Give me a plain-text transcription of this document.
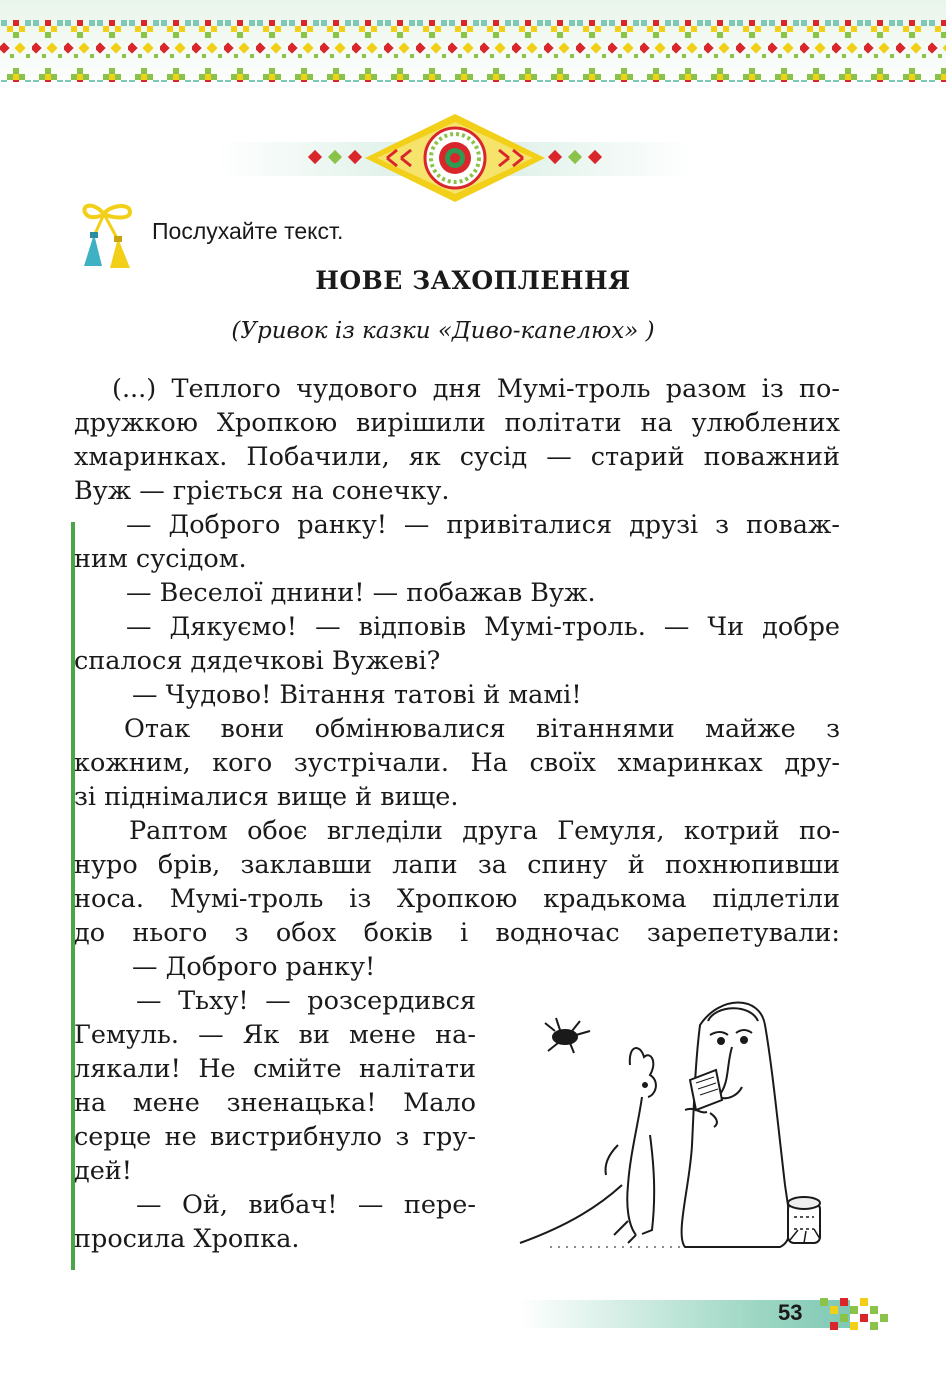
Послухайте текст.
НОВЕ ЗАХОПЛЕННЯ
(Уривок із казки «Диво-капелюх» )
(...) Теплого чудового дня Мумі-троль разом із по-
дружкою Хропкою вирішили політати на улюблених
хмаринках. Побачили, як сусід — старий поважний
Вуж — гріється на сонечку.
— Доброго ранку! — привіталися друзі з поваж-
ним сусідом.
— Веселої днини! — побажав Вуж.
— Дякуємо! — відповів Мумі-троль. — Чи добре
спалося дядечкові Вужеві?
— Чудово! Вітання татові й мамі!
Отак вони обмінювалися вітаннями майже з
кожним, кого зустрічали. На своїх хмаринках дру-
зі піднімалися вище й вище.
Раптом обоє вгледіли друга Гемуля, котрий по-
нуро брів, заклавши лапи за спину й похнюпивши
носа. Мумі-троль із Хропкою крадькома підлетіли
до нього з обох боків і водночас зарепетували:
— Доброго ранку!
— Тьху! — розсердився
Гемуль. — Як ви мене на-
лякали! Не смійте налітати
на мене зненацька! Мало
серце не вистрибнуло з гру-
дей!
— Ой, вибач! — пере-
просила Хропка.
53
